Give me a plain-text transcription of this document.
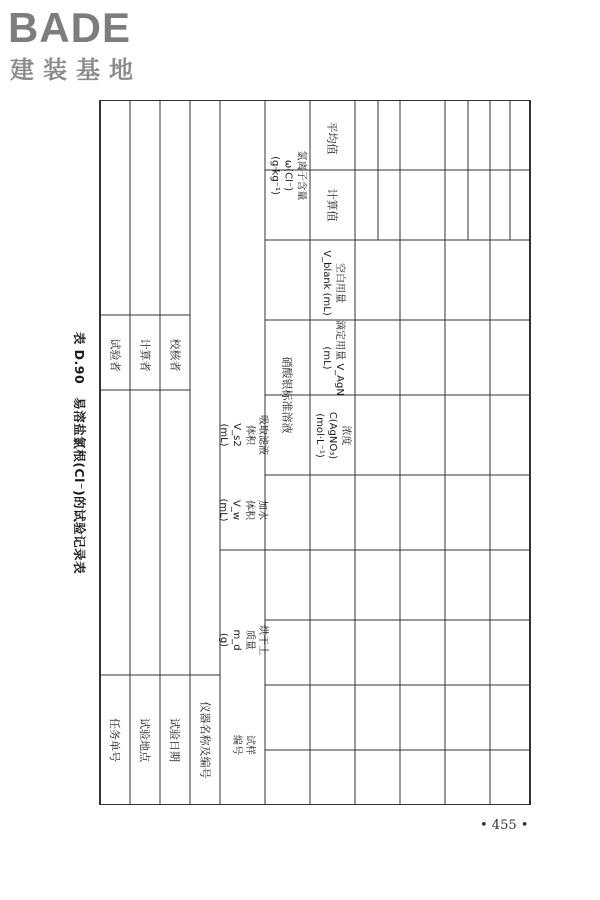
BADE
建装基地
表 D.90　易溶盐氯根(Cl⁻)的试验记录表
任务单号 试验地点 试验日期 仪器名称及编号
试验者 计算者 校核者
试样
编号
烘干土
质量
m_d
(g)
加水
体积
V_w
(mL)
吸取滤液
体积
V_s2
(mL)
硝酸银标准溶液
浓度
C(AgNO₃)
(mol·L⁻¹)
滴定用量 V_AgN
(mL)
空白用量
V_blank (mL)
氯离子含量
ω(Cl⁻)
(g·kg⁻¹)
计算值
平均值
• 455 •
